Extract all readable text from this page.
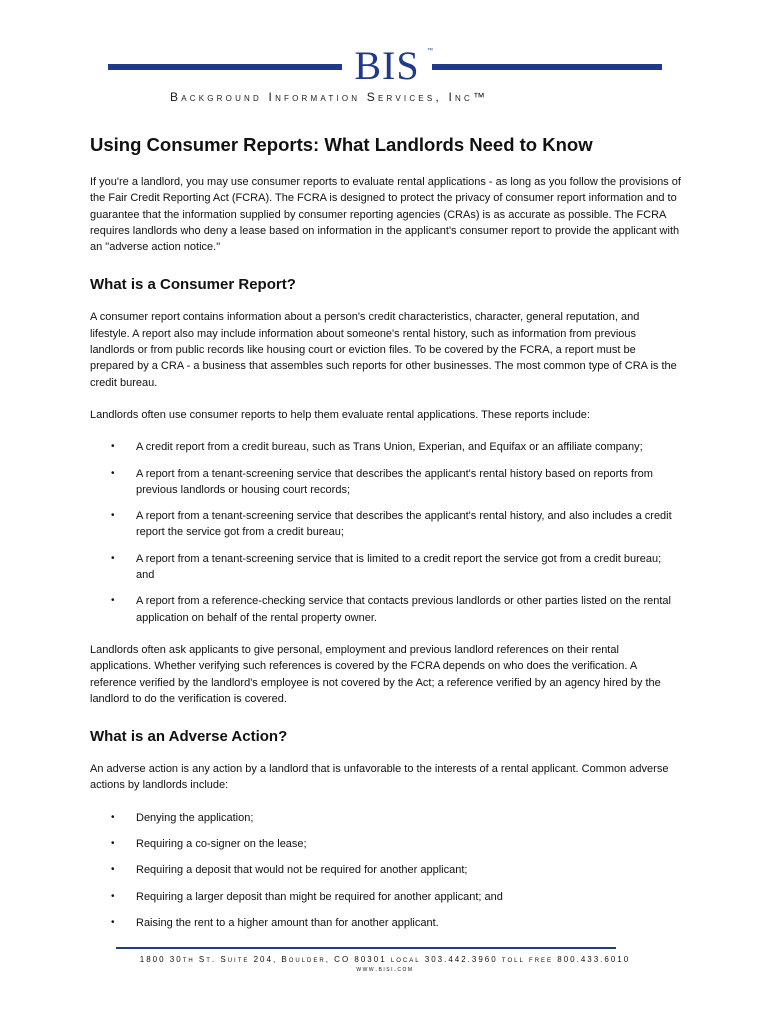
BIS	™
Background Information Services, Inc™
Using Consumer Reports: What Landlords Need to Know

If you're a landlord, you may use consumer reports to evaluate rental applications - as long as you follow the provisions of the Fair Credit Reporting Act (FCRA). The FCRA is designed to protect the privacy of consumer report information and to guarantee that the information supplied by consumer reporting agencies (CRAs) is as accurate as possible. The FCRA requires landlords who deny a lease based on information in the applicant's consumer report to provide the applicant with an "adverse action notice."

What is a Consumer Report?

A consumer report contains information about a person's credit characteristics, character, general reputation, and lifestyle. A report also may include information about someone's rental history, such as information from previous landlords or from public records like housing court or eviction files. To be covered by the FCRA, a report must be prepared by a CRA - a business that assembles such reports for other businesses. The most common type of CRA is the credit bureau.

Landlords often use consumer reports to help them evaluate rental applications. These reports include:

• A credit report from a credit bureau, such as Trans Union, Experian, and Equifax or an affiliate company;
• A report from a tenant-screening service that describes the applicant's rental history based on reports from previous landlords or housing court records;
• A report from a tenant-screening service that describes the applicant's rental history, and also includes a credit report the service got from a credit bureau;
• A report from a tenant-screening service that is limited to a credit report the service got from a credit bureau; and
• A report from a reference-checking service that contacts previous landlords or other parties listed on the rental application on behalf of the rental property owner.

Landlords often ask applicants to give personal, employment and previous landlord references on their rental applications. Whether verifying such references is covered by the FCRA depends on who does the verification. A reference verified by the landlord's employee is not covered by the Act; a reference verified by an agency hired by the landlord to do the verification is covered.

What is an Adverse Action?

An adverse action is any action by a landlord that is unfavorable to the interests of a rental applicant. Common adverse actions by landlords include:

• Denying the application;
• Requiring a co-signer on the lease;
• Requiring a deposit that would not be required for another applicant;
• Requiring a larger deposit than might be required for another applicant; and
• Raising the rent to a higher amount than for another applicant.
1800 30th St. Suite 204, Boulder, CO 80301 local 303.442.3960 toll free 800.433.6010
www.bisi.com
